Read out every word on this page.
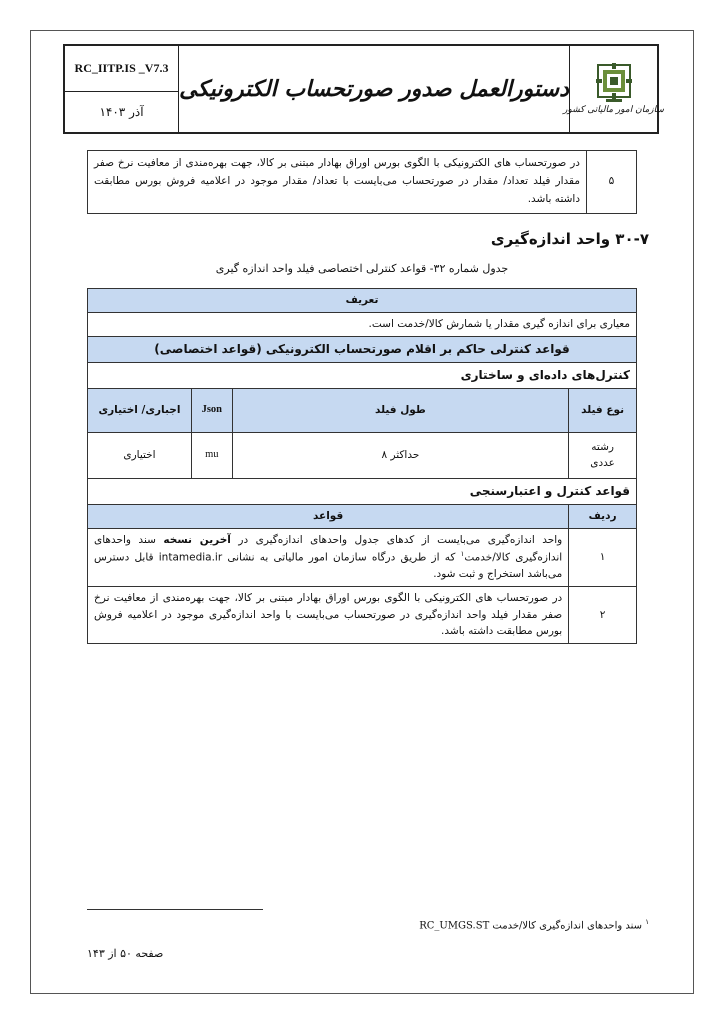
RC_IITP.IS _V7.3
آذر ۱۴۰۳
دستورالعمل صدور صورتحساب الکترونیکی
سازمان امور مالیاتی کشور
۵	در صورتحساب های الکترونیکی با الگوی بورس اوراق بهادار مبتنی بر کالا، جهت بهره‌مندی از معافیت نرخ صفر مقدار فیلد تعداد/ مقدار در صورتحساب می‌بایست با تعداد/ مقدار موجود در اعلامیه فروش بورس مطابقت داشته باشد.
۳۰-۷ واحد اندازه‌گیری
جدول شماره ۳۲- قواعد کنترلی اختصاصی فیلد واحد اندازه گیری
تعریف			
معیاری برای اندازه گیری مقدار یا شمارش کالا/خدمت است.			
قواعد کنترلی حاکم بر اقلام صورتحساب الکترونیکی (قواعد اختصاصی)			
کنترل‌های داده‌ای و ساختاری			
نوع فیلد	طول فیلد	Json	اجباری/ اختیاری

رشته
عددی	حداکثر ۸	mu	اختیاری
قواعد کنترل و اعتبارسنجی			
ردیف	قواعد		
۱	واحد اندازه‌گیری می‌بایست از کدهای جدول واحدهای اندازه‌گیری در آخرین نسخه سند واحدهای اندازه‌گیری کالا/خدمت$^۱$ که از طریق درگاه سازمان امور مالیاتی به نشانی intamedia.ir قابل دسترس می‌باشد استخراج و ثبت شود.		
۲	در صورتحساب های الکترونیکی با الگوی بورس اوراق بهادار مبتنی بر کالا، جهت بهره‌مندی از معافیت نرخ صفر مقدار فیلد واحد اندازه‌گیری در صورتحساب می‌بایست با واحد اندازه‌گیری موجود در اعلامیه فروش بورس مطابقت داشته باشد.		
$^۱$ سند واحدهای اندازه‌گیری کالا/خدمت RC_UMGS.ST
صفحه ۵۰ از ۱۴۳
